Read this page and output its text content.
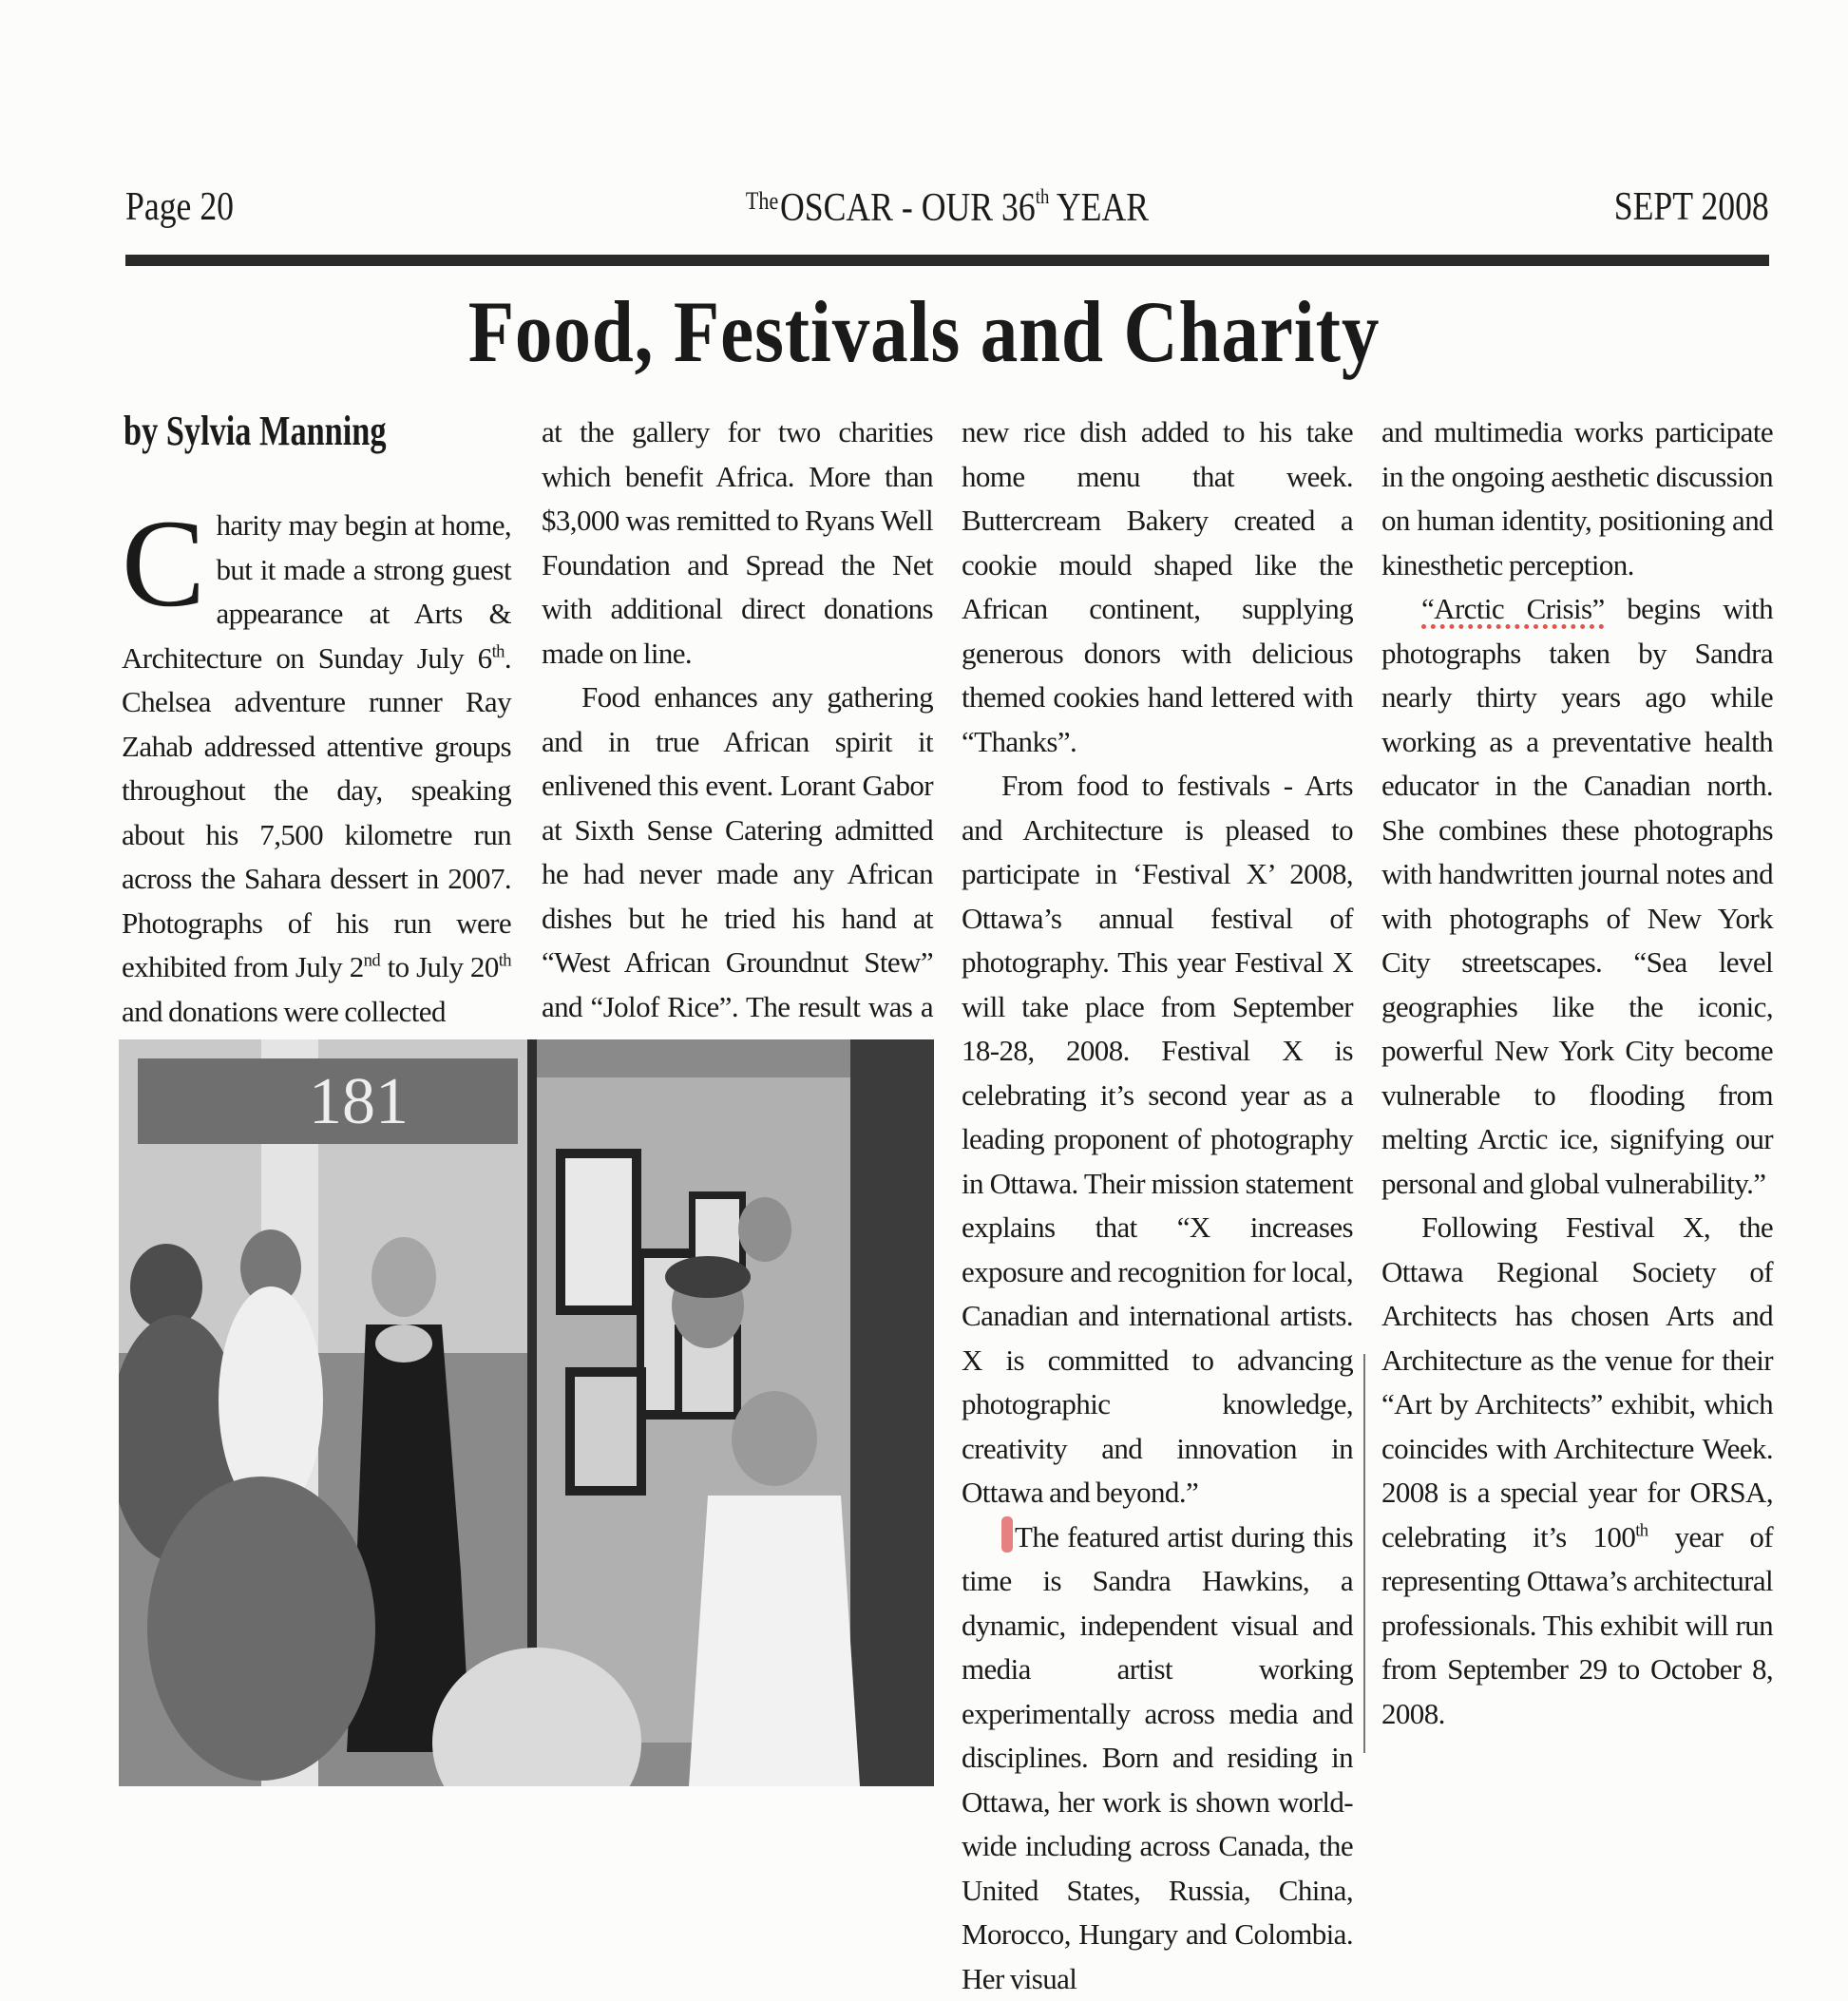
Page 20	$^{The}$OSCAR - OUR 36th YEAR	SEPT 2008
Food, Festivals and Charity
by Sylvia Manning

Charity may begin at home, but it made a strong guest appearance at Arts & Architecture on Sunday July 6th. Chelsea adventure runner Ray Zahab addressed attentive groups throughout the day, speaking about his 7,500 kilometre run across the Sahara dessert in 2007. Photographs of his run were exhibited from July 2nd to July 20th and donations were collected

at the gallery for two charities which benefit Africa. More than $3,000 was remitted to Ryans Well Foundation and Spread the Net with additional direct donations made on line.

Food enhances any gathering and in true African spirit it enlivened this event. Lorant Gabor at Sixth Sense Catering admitted he had never made any African dishes but he tried his hand at “West African Groundnut Stew” and “Jolof Rice”. The result was a

new rice dish added to his take home menu that week. Buttercream Bakery created a cookie mould shaped like the African continent, supplying generous donors with delicious themed cookies hand lettered with “Thanks”.

From food to festivals - Arts and Architecture is pleased to participate in ‘Festival X’ 2008, Ottawa’s annual festival of photography. This year Festival X will take place from September 18-28, 2008. Festival X is celebrating it’s second year as a leading proponent of photography in Ottawa. Their mission statement explains that “X increases exposure and recognition for local, Canadian and international artists. X is committed to advancing photographic knowledge, creativity and innovation in Ottawa and beyond.”

The featured artist during this time is Sandra Hawkins, a dynamic, independent visual and media artist working experimentally across media and disciplines. Born and residing in Ottawa, her work is shown world-wide including across Canada, the United States, Russia, China, Morocco, Hungary and Colombia. Her visual

and multimedia works participate in the ongoing aesthetic discussion on human identity, positioning and kinesthetic perception.

“Arctic Crisis” begins with photographs taken by Sandra nearly thirty years ago while working as a preventative health educator in the Canadian north. She combines these photographs with handwritten journal notes and with photographs of New York City streetscapes. “Sea level geographies like the iconic, powerful New York City become vulnerable to flooding from melting Arctic ice, signifying our personal and global vulnerability.”

Following Festival X, the Ottawa Regional Society of Architects has chosen Arts and Architecture as the venue for their “Art by Architects” exhibit, which coincides with Architecture Week. 2008 is a special year for ORSA, celebrating it’s 100th year of representing Ottawa’s architectural professionals. This exhibit will run from September 29 to October 8, 2008.

181
